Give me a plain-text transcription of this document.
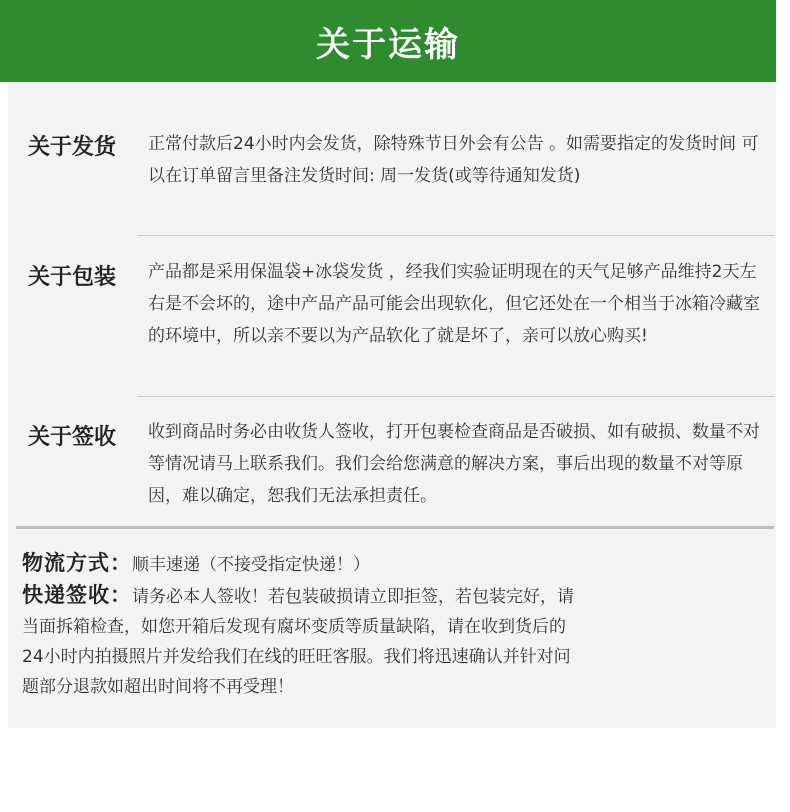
关于运输
关于发货 正常付款后24小时内会发货，除特殊节日外会有公告 。如需要指定的发货时间 可以在订单留言里备注发货时间: 周一发货(或等待通知发货)
关于包装 产品都是采用保温袋+冰袋发货 ，经我们实验证明现在的天气足够产品维持2天左右是不会坏的，途中产品产品可能会出现软化，但它还处在一个相当于冰箱冷藏室的环境中，所以亲不要以为产品软化了就是坏了，亲可以放心购买!
关于签收 收到商品时务必由收货人签收，打开包裹检查商品是否破损、如有破损、数量不对等情况请马上联系我们。我们会给您满意的解决方案，事后出现的数量不对等原因，难以确定，恕我们无法承担责任。
物流方式：顺丰速递（不接受指定快递！）
快递签收：请务必本人签收！若包装破损请立即拒签，若包装完好，请
当面拆箱检查，如您开箱后发现有腐坏变质等质量缺陷，请在收到货后的
24小时内拍摄照片并发给我们在线的旺旺客服。我们将迅速确认并针对问
题部分退款如超出时间将不再受理！
